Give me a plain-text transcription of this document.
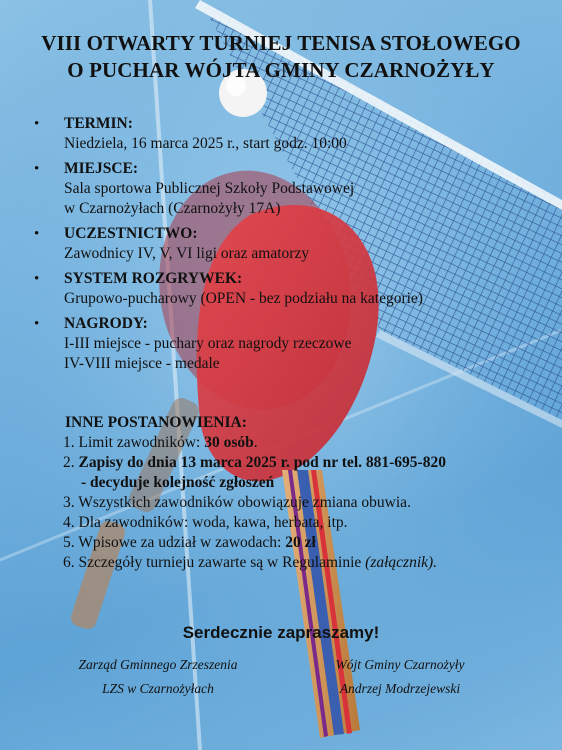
VIII OTWARTY TURNIEJ TENISA STOŁOWEGO
O PUCHAR WÓJTA GMINY CZARNOŻYŁY
• TERMIN:
Niedziela, 16 marca 2025 r., start godz. 10:00
• MIEJSCE:
Sala sportowa Publicznej Szkoły Podstawowej
w Czarnożyłach (Czarnożyły 17A)
• UCZESTNICTWO:
Zawodnicy IV, V, VI ligi oraz amatorzy
• SYSTEM ROZGRYWEK:
Grupowo-pucharowy (OPEN - bez podziału na kategorie)
• NAGRODY:
I-III miejsce - puchary oraz nagrody rzeczowe
IV-VIII miejsce - medale
INNE POSTANOWIENIA:
1. Limit zawodników: 30 osób.
2. Zapisy do dnia 13 marca 2025 r. pod nr tel. 881-695-820
- decyduje kolejność zgłoszeń
3. Wszystkich zawodników obowiązuje zmiana obuwia.
4. Dla zawodników: woda, kawa, herbata, itp.
5. Wpisowe za udział w zawodach: 20 zł
6. Szczegóły turnieju zawarte są w Regulaminie (załącznik).
Serdecznie zapraszamy!
Zarząd Gminnego Zrzeszenia
LZS w Czarnożyłach
Wójt Gminy Czarnożyły
Andrzej Modrzejewski
